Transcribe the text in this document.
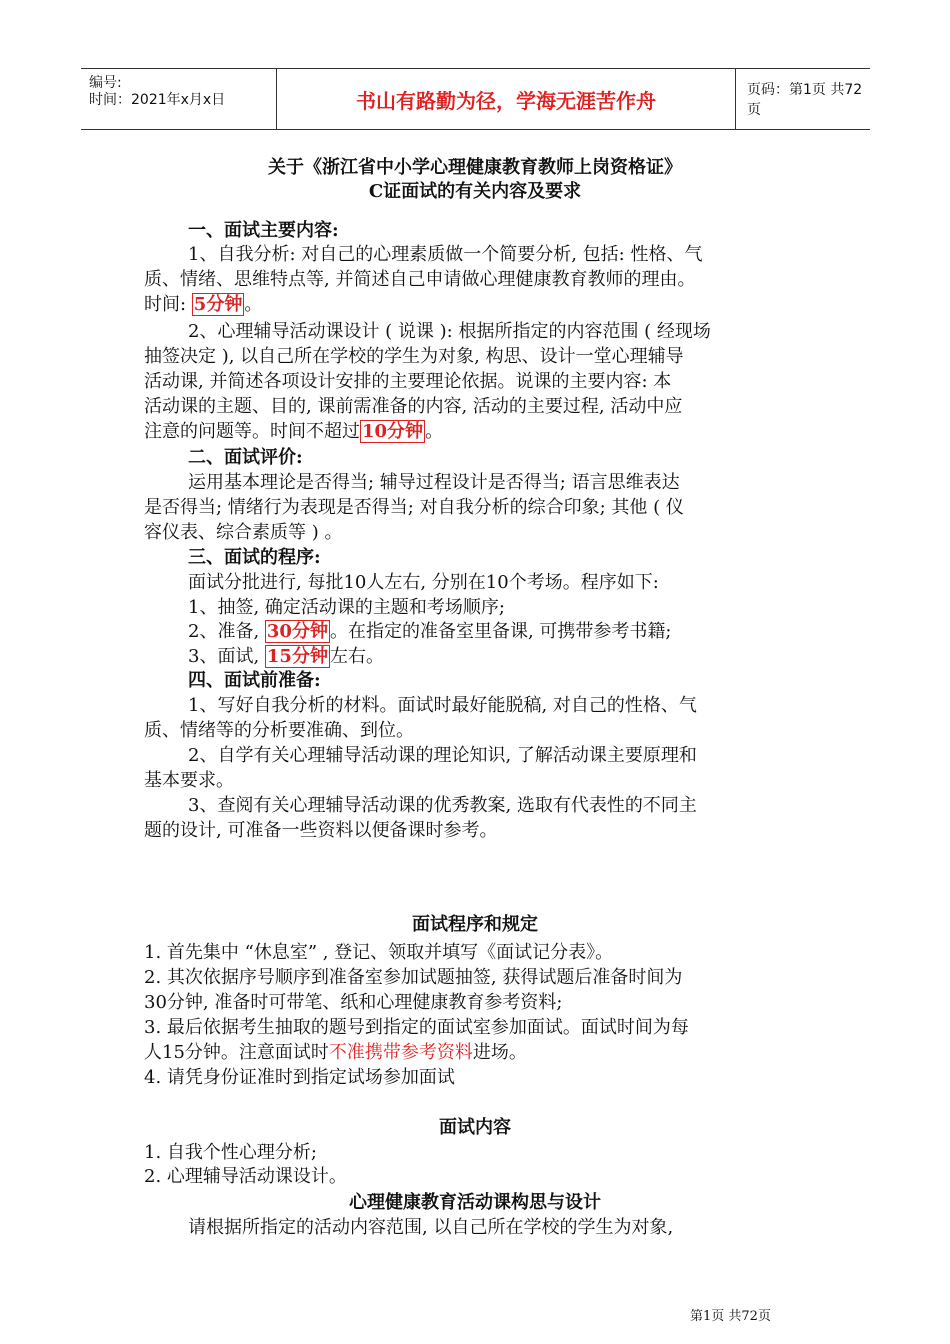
编号:
时间：2021年x月x日	书山有路勤为径，学海无涯苦作舟	页码：第1页 共72页
关于《浙江省中小学心理健康教育教师上岗资格证》
C证面试的有关内容及要求
一、面试主要内容:
1、自我分析: 对自己的心理素质做一个简要分析, 包括: 性格、气
质、情绪、思维特点等, 并简述自己申请做心理健康教育教师的理由。
时间: 5分钟 。
2、心理辅导活动课设计 ( 说课 ): 根据所指定的内容范围 ( 经现场
抽签决定 ), 以自己所在学校的学生为对象, 构思、设计一堂心理辅导
活动课, 并简述各项设计安排的主要理论依据。说课的主要内容: 本
活动课的主题、目的, 课前需准备的内容, 活动的主要过程, 活动中应
注意的问题等。时间不超过 10分钟 。
二、面试评价:
运用基本理论是否得当; 辅导过程设计是否得当; 语言思维表达
是否得当; 情绪行为表现是否得当; 对自我分析的综合印象; 其他 ( 仪
容仪表、综合素质等 ) 。
三、面试的程序:
面试分批进行, 每批10人左右, 分别在10个考场。程序如下:
1、抽签, 确定活动课的主题和考场顺序;
2、准备, 30分钟 。在指定的准备室里备课, 可携带参考书籍;
3、面试, 15分钟 左右。
四、面试前准备:
1、写好自我分析的材料。面试时最好能脱稿, 对自己的性格、气
质、情绪等的分析要准确、到位。
2、自学有关心理辅导活动课的理论知识, 了解活动课主要原理和
基本要求。
3、查阅有关心理辅导活动课的优秀教案, 选取有代表性的不同主
题的设计, 可准备一些资料以便备课时参考。
面试程序和规定
1. 首先集中 “休息室” , 登记、领取并填写《面试记分表》。
2. 其次依据序号顺序到准备室参加试题抽签, 获得试题后准备时间为
30分钟, 准备时可带笔、纸和心理健康教育参考资料;
3. 最后依据考生抽取的题号到指定的面试室参加面试。面试时间为每
人15分钟。注意面试时不准携带参考资料进场。
4. 请凭身份证准时到指定试场参加面试
面试内容
1. 自我个性心理分析;
2. 心理辅导活动课设计。
心理健康教育活动课构思与设计
请根据所指定的活动内容范围, 以自己所在学校的学生为对象,
第1页 共72页
